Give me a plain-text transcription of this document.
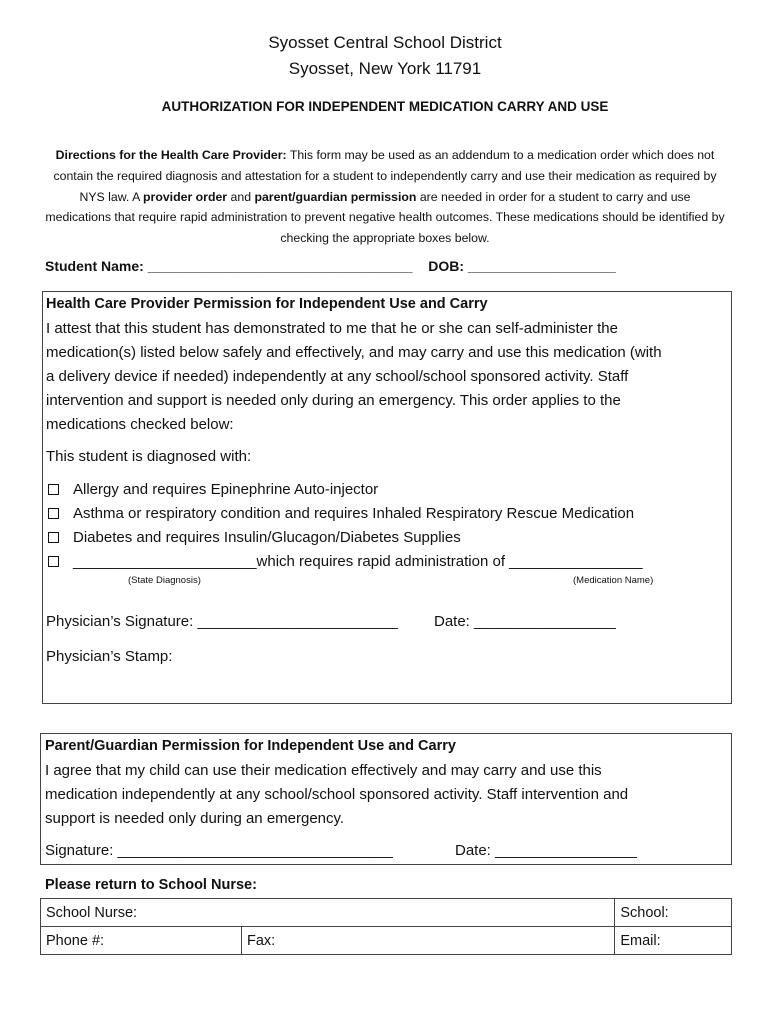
Syosset Central School District
Syosset, New York 11791
AUTHORIZATION FOR INDEPENDENT MEDICATION CARRY AND USE
Directions for the Health Care Provider: This form may be used as an addendum to a medication order which does not contain the required diagnosis and attestation for a student to independently carry and use their medication as required by NYS law. A provider order and parent/guardian permission are needed in order for a student to carry and use medications that require rapid administration to prevent negative health outcomes. These medications should be identified by checking the appropriate boxes below.
Student Name: __________________________________ DOB: ___________________
Health Care Provider Permission for Independent Use and Carry
I attest that this student has demonstrated to me that he or she can self-administer the
medication(s) listed below safely and effectively, and may carry and use this medication (with
a delivery device if needed) independently at any school/school sponsored activity. Staff
intervention and support is needed only during an emergency. This order applies to the
medications checked below:
This student is diagnosed with:
Allergy and requires Epinephrine Auto-injector
Asthma or respiratory condition and requires Inhaled Respiratory Rescue Medication
Diabetes and requires Insulin/Glucagon/Diabetes Supplies
______________________which requires rapid administration of ________________
(State Diagnosis)	(Medication Name)
Physician’s Signature: ________________________ Date: _________________
Physician’s Stamp:
Parent/Guardian Permission for Independent Use and Carry
I agree that my child can use their medication effectively and may carry and use this
medication independently at any school/school sponsored activity. Staff intervention and
support is needed only during an emergency.
Signature: _________________________________	Date: _________________
Please return to School Nurse:
School Nurse:		School:
Phone #:	Fax:	Email:
